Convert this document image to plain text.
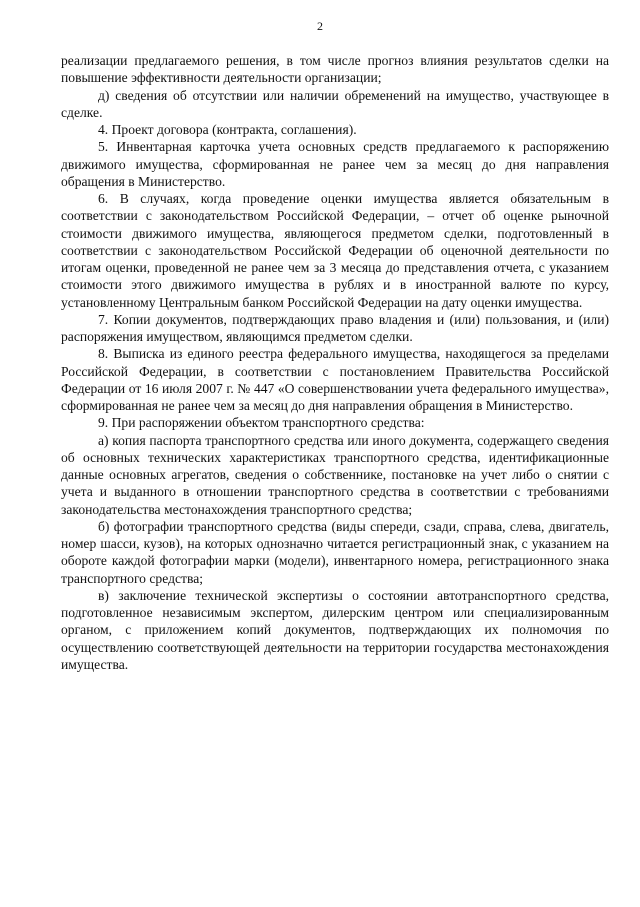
2

реализации предлагаемого решения, в том числе прогноз влияния результатов сделки на повышение эффективности деятельности организации;

д) сведения об отсутствии или наличии обременений на имущество, участвующее в сделке.

4. Проект договора (контракта, соглашения).

5. Инвентарная карточка учета основных средств предлагаемого к распоряжению движимого имущества, сформированная не ранее чем за месяц до дня направления обращения в Министерство.

6. В случаях, когда проведение оценки имущества является обязательным в соответствии с законодательством Российской Федерации, – отчет об оценке рыночной стоимости движимого имущества, являющегося предметом сделки, подготовленный в соответствии с законодательством Российской Федерации об оценочной деятельности по итогам оценки, проведенной не ранее чем за 3 месяца до представления отчета, с указанием стоимости этого движимого имущества в рублях и в иностранной валюте по курсу, установленному Центральным банком Российской Федерации на дату оценки имущества.

7. Копии документов, подтверждающих право владения и (или) пользования, и (или) распоряжения имуществом, являющимся предметом сделки.

8. Выписка из единого реестра федерального имущества, находящегося за пределами Российской Федерации, в соответствии с постановлением Правительства Российской Федерации от 16 июля 2007 г. № 447 «О совершенствовании учета федерального имущества», сформированная не ранее чем за месяц до дня направления обращения в Министерство.

9. При распоряжении объектом транспортного средства:

а) копия паспорта транспортного средства или иного документа, содержащего сведения об основных технических характеристиках транспортного средства, идентификационные данные основных агрегатов, сведения о собственнике, постановке на учет либо о снятии с учета и выданного в отношении транспортного средства в соответствии с требованиями законодательства местонахождения транспортного средства;

б) фотографии транспортного средства (виды спереди, сзади, справа, слева, двигатель, номер шасси, кузов), на которых однозначно читается регистрационный знак, с указанием на обороте каждой фотографии марки (модели), инвентарного номера, регистрационного знака транспортного средства;

в) заключение технической экспертизы о состоянии автотранспортного средства, подготовленное независимым экспертом, дилерским центром или специализированным органом, с приложением копий документов, подтверждающих их полномочия по осуществлению соответствующей деятельности на территории государства местонахождения имущества.
